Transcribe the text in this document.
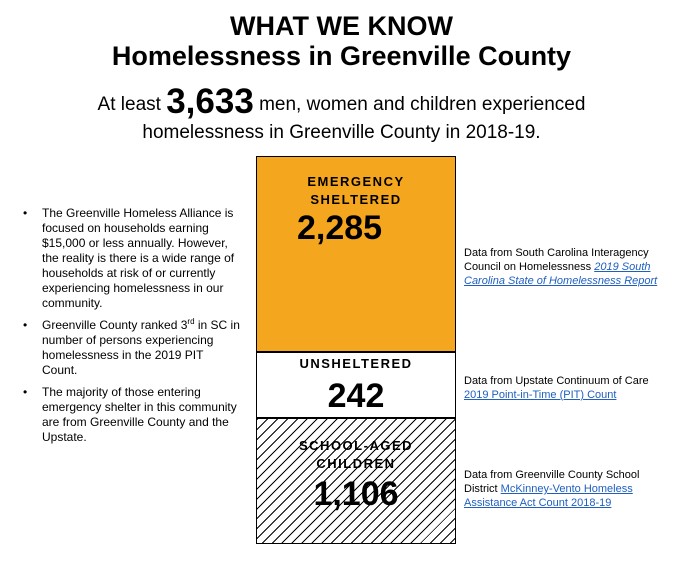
WHAT WE KNOW
Homelessness in Greenville County
At least 3,633 men, women and children experienced
homelessness in Greenville County in 2018-19.
EMERGENCY
SHELTERED
2,285
UNSHELTERED
242
SCHOOL-AGED
CHILDREN
1,106
• The Greenville Homeless Alliance is focused on households earning $15,000 or less annually. However, the reality is there is a wide range of households at risk of or currently experiencing homelessness in our community.
• Greenville County ranked 3rd in SC in number of persons experiencing homelessness in the 2019 PIT Count.
• The majority of those entering emergency shelter in this community are from Greenville County and the Upstate.
Data from South Carolina Interagency Council on Homelessness 2019 South Carolina State of Homelessness Report
Data from Upstate Continuum of Care 2019 Point-in-Time (PIT) Count
Data from Greenville County School District McKinney-Vento Homeless Assistance Act Count 2018-19
